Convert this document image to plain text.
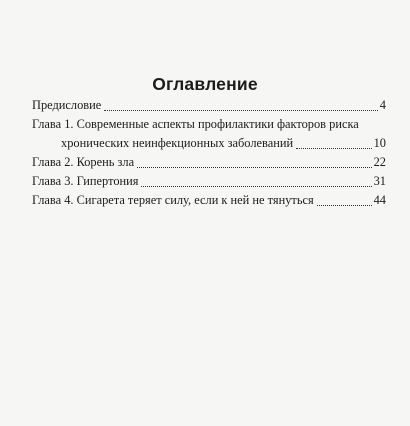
Оглавление
Предисловие	4
Глава 1. Современные аспекты профилактики факторов риска
хронических неинфекционных заболеваний	10
Глава 2. Корень зла	22
Глава 3. Гипертония	31
Глава 4. Сигарета теряет силу, если к ней не тянуться	44
